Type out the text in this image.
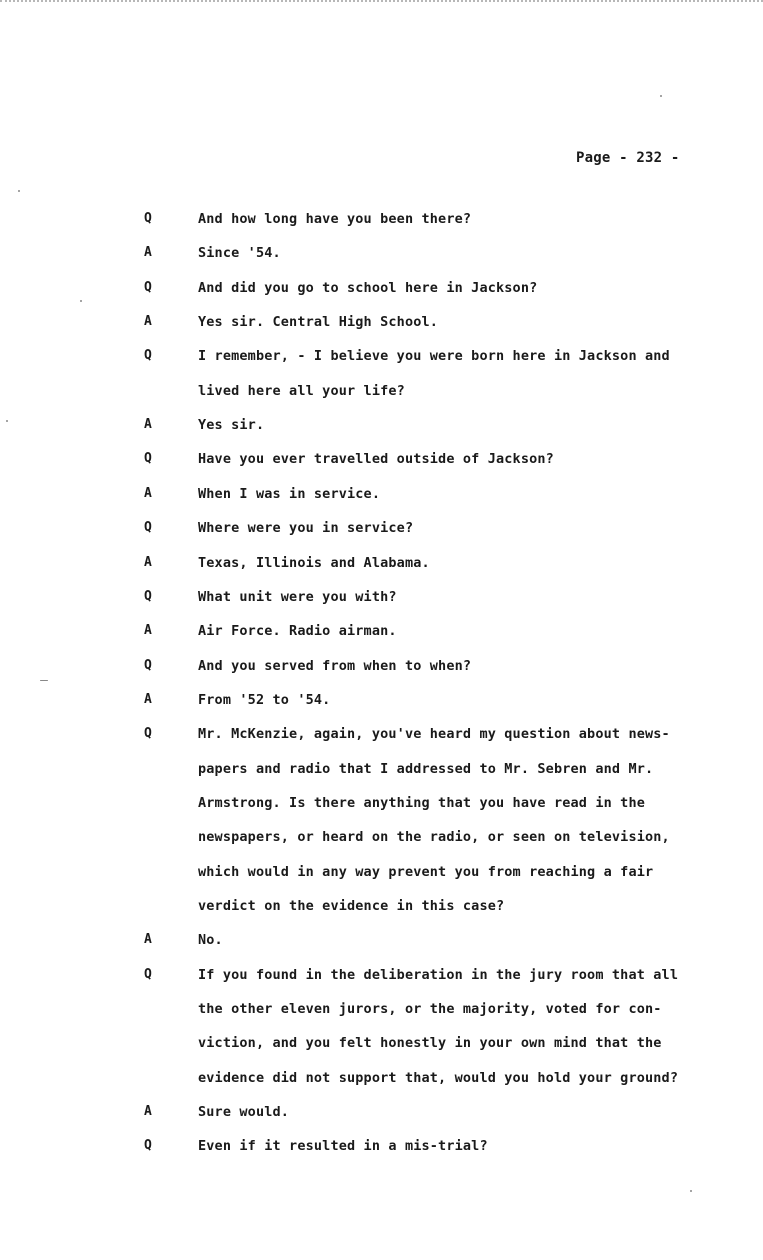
Page - 232 -
Q	And how long have you been there?
A	Since '54.
Q	And did you go to school here in Jackson?
A	Yes sir. Central High School.
Q	I remember, - I believe you were born here in Jackson and
lived here all your life?
A	Yes sir.
Q	Have you ever travelled outside of Jackson?
A	When I was in service.
Q	Where were you in service?
A	Texas, Illinois and Alabama.
Q	What unit were you with?
A	Air Force. Radio airman.
Q	And you served from when to when?
A	From '52 to '54.
Q	Mr. McKenzie, again, you've heard my question about news-
papers and radio that I addressed to Mr. Sebren and Mr.
Armstrong. Is there anything that you have read in the
newspapers, or heard on the radio, or seen on television,
which would in any way prevent you from reaching a fair
verdict on the evidence in this case?
A	No.
Q	If you found in the deliberation in the jury room that all
the other eleven jurors, or the majority, voted for con-
viction, and you felt honestly in your own mind that the
evidence did not support that, would you hold your ground?
A	Sure would.
Q	Even if it resulted in a mis-trial?
